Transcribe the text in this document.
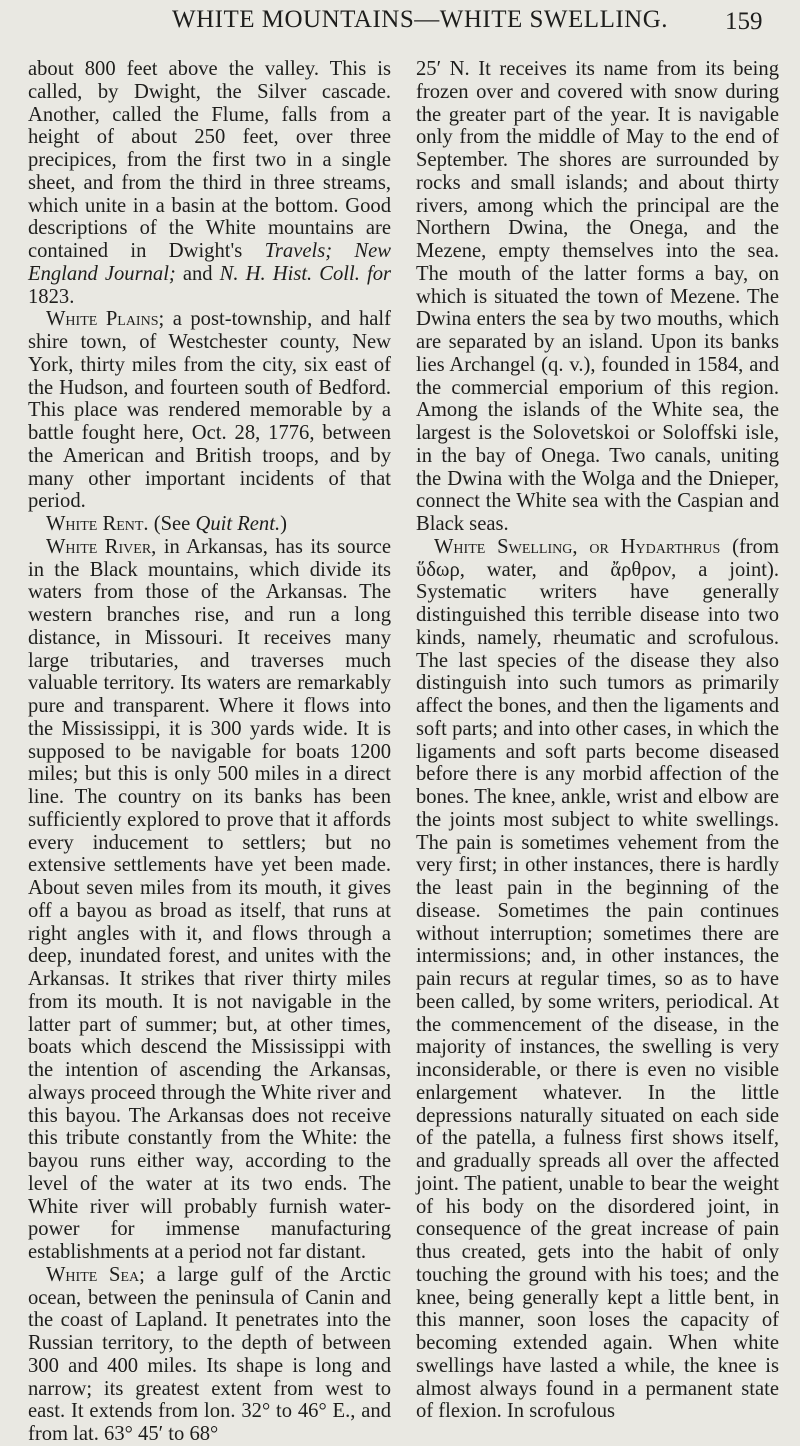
WHITE MOUNTAINS—WHITE SWELLING. 159

about 800 feet above the valley. This is called, by Dwight, the Silver cascade. Another, called the Flume, falls from a height of about 250 feet, over three precipices, from the first two in a single sheet, and from the third in three streams, which unite in a basin at the bottom. Good descriptions of the White mountains are contained in Dwight's Travels; New England Journal; and N. H. Hist. Coll. for 1823.

White Plains; a post-township, and half shire town, of Westchester county, New York, thirty miles from the city, six east of the Hudson, and fourteen south of Bedford. This place was rendered memorable by a battle fought here, Oct. 28, 1776, between the American and British troops, and by many other important incidents of that period.

White Rent. (See Quit Rent.)

White River, in Arkansas, has its source in the Black mountains, which divide its waters from those of the Arkansas. The western branches rise, and run a long distance, in Missouri. It receives many large tributaries, and traverses much valuable territory. Its waters are remarkably pure and transparent. Where it flows into the Mississippi, it is 300 yards wide. It is supposed to be navigable for boats 1200 miles; but this is only 500 miles in a direct line. The country on its banks has been sufficiently explored to prove that it affords every inducement to settlers; but no extensive settlements have yet been made. About seven miles from its mouth, it gives off a bayou as broad as itself, that runs at right angles with it, and flows through a deep, inundated forest, and unites with the Arkansas. It strikes that river thirty miles from its mouth. It is not navigable in the latter part of summer; but, at other times, boats which descend the Mississippi with the intention of ascending the Arkansas, always proceed through the White river and this bayou. The Arkansas does not receive this tribute constantly from the White: the bayou runs either way, according to the level of the water at its two ends. The White river will probably furnish water-power for immense manufacturing establishments at a period not far distant.

White Sea; a large gulf of the Arctic ocean, between the peninsula of Canin and the coast of Lapland. It penetrates into the Russian territory, to the depth of between 300 and 400 miles. Its shape is long and narrow; its greatest extent from west to east. It extends from lon. 32° to 46° E., and from lat. 63° 45′ to 68°

25′ N. It receives its name from its being frozen over and covered with snow during the greater part of the year. It is navigable only from the middle of May to the end of September. The shores are surrounded by rocks and small islands; and about thirty rivers, among which the principal are the Northern Dwina, the Onega, and the Mezene, empty themselves into the sea. The mouth of the latter forms a bay, on which is situated the town of Mezene. The Dwina enters the sea by two mouths, which are separated by an island. Upon its banks lies Archangel (q. v.), founded in 1584, and the commercial emporium of this region. Among the islands of the White sea, the largest is the Solovetskoi or Soloffski isle, in the bay of Onega. Two canals, uniting the Dwina with the Wolga and the Dnieper, connect the White sea with the Caspian and Black seas.

White Swelling, or Hydarthrus (from ὕδωρ, water, and ἄρθρον, a joint). Systematic writers have generally distinguished this terrible disease into two kinds, namely, rheumatic and scrofulous. The last species of the disease they also distinguish into such tumors as primarily affect the bones, and then the ligaments and soft parts; and into other cases, in which the ligaments and soft parts become diseased before there is any morbid affection of the bones. The knee, ankle, wrist and elbow are the joints most subject to white swellings. The pain is sometimes vehement from the very first; in other instances, there is hardly the least pain in the beginning of the disease. Sometimes the pain continues without interruption; sometimes there are intermissions; and, in other instances, the pain recurs at regular times, so as to have been called, by some writers, periodical. At the commencement of the disease, in the majority of instances, the swelling is very inconsiderable, or there is even no visible enlargement whatever. In the little depressions naturally situated on each side of the patella, a fulness first shows itself, and gradually spreads all over the affected joint. The patient, unable to bear the weight of his body on the disordered joint, in consequence of the great increase of pain thus created, gets into the habit of only touching the ground with his toes; and the knee, being generally kept a little bent, in this manner, soon loses the capacity of becoming extended again. When white swellings have lasted a while, the knee is almost always found in a permanent state of flexion. In scrofulous
